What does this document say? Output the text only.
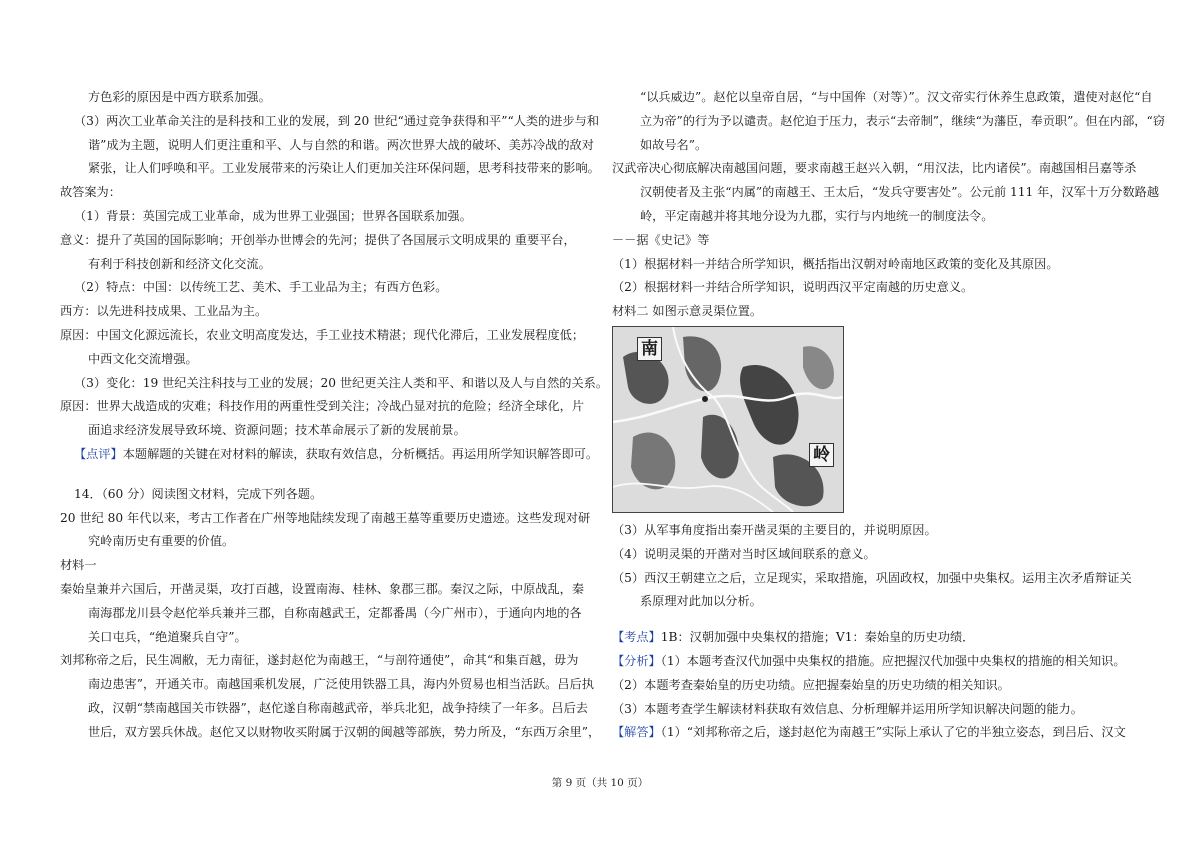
方色彩的原因是中西方联系加强。
（3）两次工业革命关注的是科技和工业的发展，到 20 世纪“通过竞争获得和平”“人类的进步与和
谐”成为主题，说明人们更注重和平、人与自然的和谐。两次世界大战的破坏、美苏冷战的敌对
紧张，让人们呼唤和平。工业发展带来的污染让人们更加关注环保问题，思考科技带来的影响。
故答案为：
（1）背景：英国完成工业革命，成为世界工业强国；世界各国联系加强。
意义：提升了英国的国际影响；开创举办世博会的先河；提供了各国展示文明成果的 重要平台，
有利于科技创新和经济文化交流。
（2）特点：中国：以传统工艺、美术、手工业品为主；有西方色彩。
西方：以先进科技成果、工业品为主。
原因：中国文化源远流长，农业文明高度发达，手工业技术精湛；现代化滞后，工业发展程度低；
中西文化交流增强。
（3）变化：19 世纪关注科技与工业的发展；20 世纪更关注人类和平、和谐以及人与自然的关系。
原因：世界大战造成的灾难；科技作用的两重性受到关注；冷战凸显对抗的危险；经济全球化，片
面追求经济发展导致环境、资源问题；技术革命展示了新的发展前景。
【点评】本题解题的关键在对材料的解读，获取有效信息，分析概括。再运用所学知识解答即可。
14．（60 分）阅读图文材料，完成下列各题。
20 世纪 80 年代以来，考古工作者在广州等地陆续发现了南越王墓等重要历史遗迹。这些发现对研
究岭南历史有重要的价值。
材料一
秦始皇兼并六国后，开凿灵渠，攻打百越，设置南海、桂林、象郡三郡。秦汉之际，中原战乱，秦
南海郡龙川县令赵佗举兵兼并三郡，自称南越武王，定都番禺（今广州市），于通向内地的各
关口屯兵，“绝道聚兵自守”。
刘邦称帝之后，民生凋敝，无力南征，遂封赵佗为南越王，“与剖符通使”，命其“和集百越，毋为
南边患害”，开通关市。南越国乘机发展，广泛使用铁器工具，海内外贸易也相当活跃。吕后执
政，汉朝“禁南越国关市铁器”，赵佗遂自称南越武帝，举兵北犯，战争持续了一年多。吕后去
世后，双方罢兵休战。赵佗又以财物收买附属于汉朝的闽越等部族，势力所及，“东西万余里”，
“以兵威边”。赵佗以皇帝自居，“与中国侔（对等）”。汉文帝实行休养生息政策，遣使对赵佗“自
立为帝”的行为予以谴责。赵佗迫于压力，表示“去帝制”，继续“为藩臣，奉贡职”。但在内部，“窃
如故号名”。
汉武帝决心彻底解决南越国问题，要求南越王赵兴入朝，“用汉法，比内诸侯”。南越国相吕嘉等杀
汉朝使者及主张“内属”的南越王、王太后，“发兵守要害处”。公元前 111 年，汉军十万分数路越
岭，平定南越并将其地分设为九郡，实行与内地统一的制度法令。
－－据《史记》等
（1）根据材料一并结合所学知识，概括指出汉朝对岭南地区政策的变化及其原因。
（2）根据材料一并结合所学知识，说明西汉平定南越的历史意义。
材料二 如图示意灵渠位置。
南
岭
（3）从军事角度指出秦开凿灵渠的主要目的，并说明原因。
（4）说明灵渠的开凿对当时区域间联系的意义。
（5）西汉王朝建立之后，立足现实，采取措施，巩固政权，加强中央集权。运用主次矛盾辩证关
系原理对此加以分析。
【考点】1B：汉朝加强中央集权的措施；V1：秦始皇的历史功绩．
【分析】（1）本题考查汉代加强中央集权的措施。应把握汉代加强中央集权的措施的相关知识。
（2）本题考查秦始皇的历史功绩。应把握秦始皇的历史功绩的相关知识。
（3）本题考查学生解读材料获取有效信息、分析理解并运用所学知识解决问题的能力。
【解答】（1）“刘邦称帝之后，遂封赵佗为南越王”实际上承认了它的半独立姿态，到吕后、汉文
第 9 页（共 10 页）
